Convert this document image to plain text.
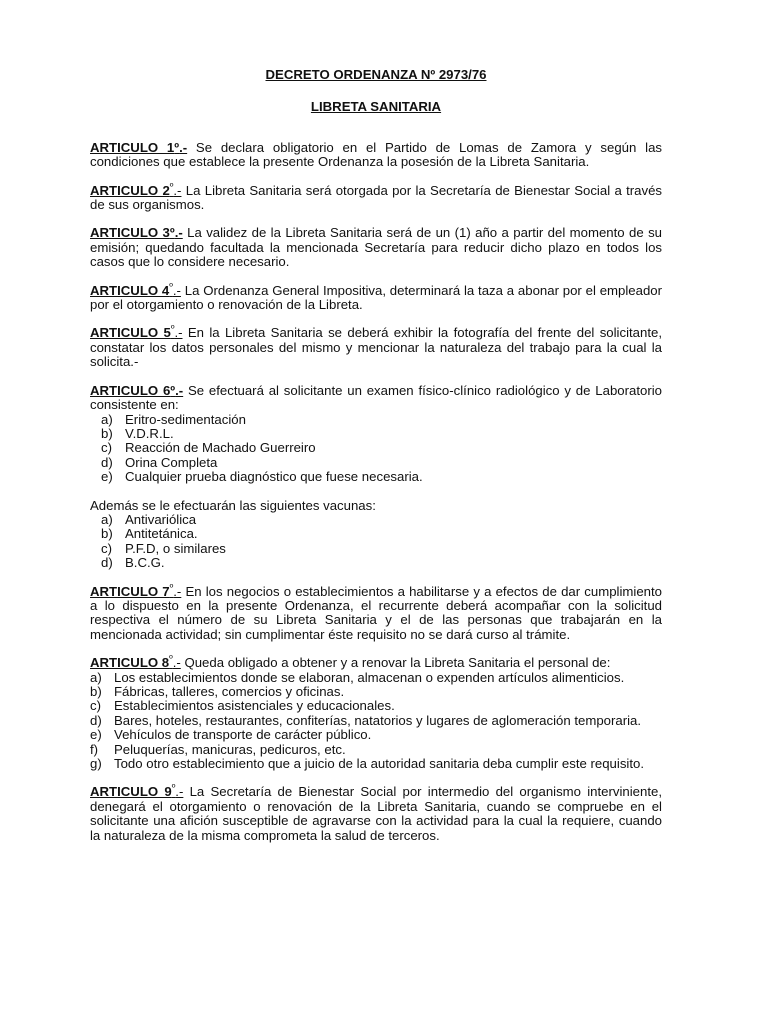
DECRETO ORDENANZA Nº 2973/76
LIBRETA SANITARIA

ARTICULO 1º.- Se declara obligatorio en el Partido de Lomas de Zamora y según las condiciones que establece la presente Ordenanza la posesión de la Libreta Sanitaria.

ARTICULO $2^º.-$ La Libreta Sanitaria será otorgada por la Secretaría de Bienestar Social a través de sus organismos.

ARTICULO 3º.- La validez de la Libreta Sanitaria será de un (1) año a partir del momento de su emisión; quedando facultada la mencionada Secretaría para reducir dicho plazo en todos los casos que lo considere necesario.

ARTICULO $4^º.-$ La Ordenanza General Impositiva, determinará la taza a abonar por el empleador por el otorgamiento o renovación de la Libreta.

ARTICULO $5^º.-$ En la Libreta Sanitaria se deberá exhibir la fotografía del frente del solicitante, constatar los datos personales del mismo y mencionar la naturaleza del trabajo para la cual la solicita.-

ARTICULO 6º.- Se efectuará al solicitante un examen físico-clínico radiológico y de Laboratorio consistente en:

a) Eritro-sedimentación
b) V.D.R.L.
c) Reacción de Machado Guerreiro
d) Orina Completa
e) Cualquier prueba diagnóstico que fuese necesaria.

Además se le efectuarán las siguientes vacunas:

a) Antivariólica
b) Antitetánica.
c) P.F.D, o similares
d) B.C.G.

ARTICULO $7^º.-$ En los negocios o establecimientos a habilitarse y a efectos de dar cumplimiento a lo dispuesto en la presente Ordenanza, el recurrente deberá acompañar con la solicitud respectiva el número de su Libreta Sanitaria y el de las personas que trabajarán en la mencionada actividad; sin cumplimentar éste requisito no se dará curso al trámite.

ARTICULO $8^º.-$ Queda obligado a obtener y a renovar la Libreta Sanitaria el personal de:

a) Los establecimientos donde se elaboran, almacenan o expenden artículos alimenticios.
b) Fábricas, talleres, comercios y oficinas.
c) Establecimientos asistenciales y educacionales.
d) Bares, hoteles, restaurantes, confiterías, natatorios y lugares de aglomeración temporaria.
e) Vehículos de transporte de carácter público.
f)	Peluquerías, manicuras, pedicuros, etc.
g) Todo otro establecimiento que a juicio de la autoridad sanitaria deba cumplir este requisito.

ARTICULO $9^º.-$ La Secretaría de Bienestar Social por intermedio del organismo interviniente, denegará el otorgamiento o renovación de la Libreta Sanitaria, cuando se compruebe en el solicitante una afición susceptible de agravarse con la actividad para la cual la requiere, cuando la naturaleza de la misma comprometa la salud de terceros.
